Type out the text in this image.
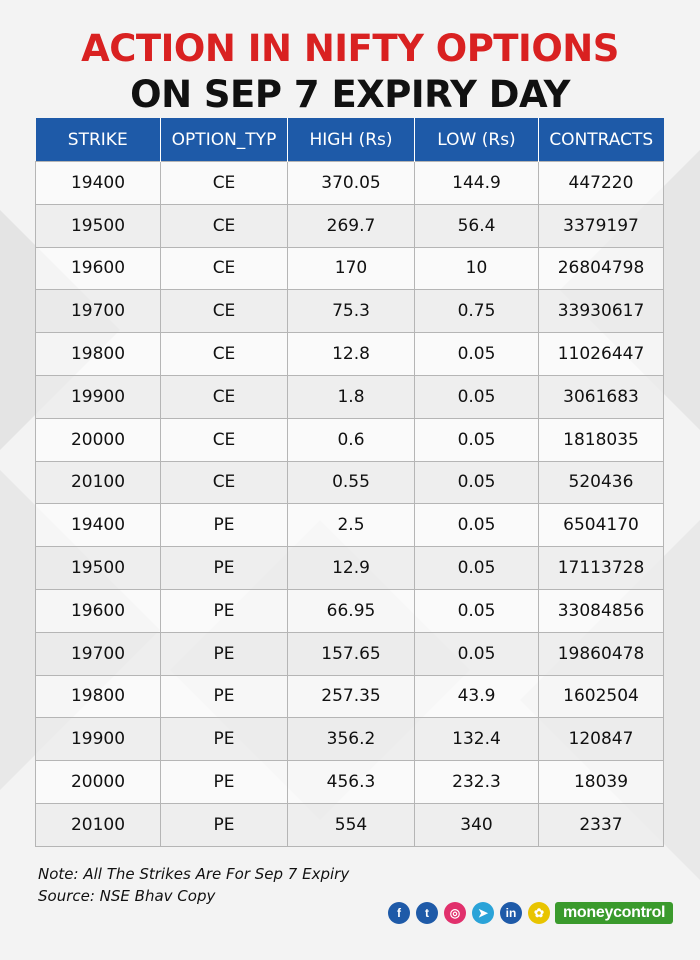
ACTION IN NIFTY OPTIONS
ON SEP 7 EXPIRY DAY
STRIKE	OPTION_TYP	HIGH (Rs)	LOW (Rs)	CONTRACTS
19400	CE	370.05	144.9	447220
19500	CE	269.7	56.4	3379197
19600	CE	170	10	26804798
19700	CE	75.3	0.75	33930617
19800	CE	12.8	0.05	11026447
19900	CE	1.8	0.05	3061683
20000	CE	0.6	0.05	1818035
20100	CE	0.55	0.05	520436
19400	PE	2.5	0.05	6504170
19500	PE	12.9	0.05	17113728
19600	PE	66.95	0.05	33084856
19700	PE	157.65	0.05	19860478
19800	PE	257.35	43.9	1602504
19900	PE	356.2	132.4	120847
20000	PE	456.3	232.3	18039
20100	PE	554	340	2337
Note: All The Strikes Are For Sep 7 Expiry
Source: NSE Bhav Copy
f	t	◎	➤	in	✿	moneycontrol
